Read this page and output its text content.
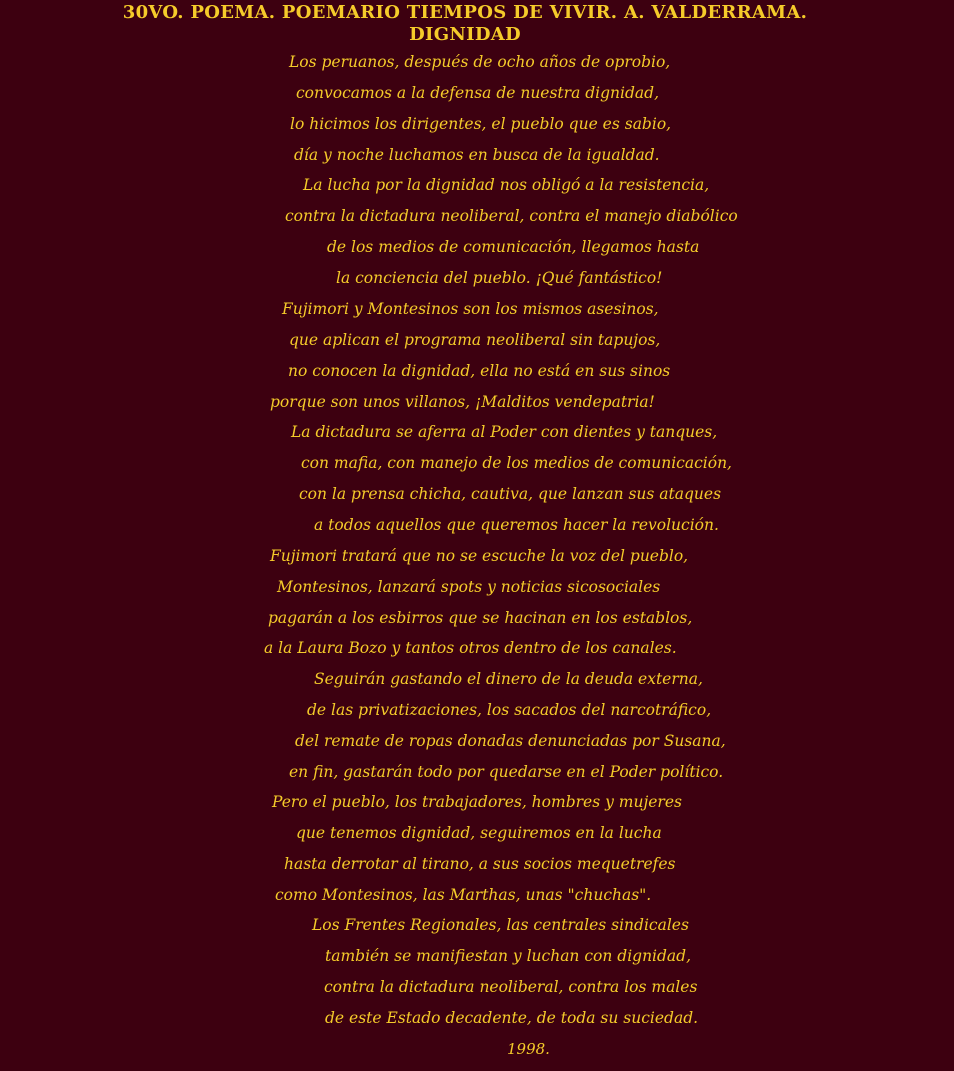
30VO. POEMA. POEMARIO TIEMPOS DE VIVIR. A. VALDERRAMA.
DIGNIDAD
Los peruanos, después de ocho años de oprobio,
convocamos a la defensa de nuestra dignidad,
lo hicimos los dirigentes, el pueblo que es sabio,
día y noche luchamos en busca de la igualdad.
La lucha por la dignidad nos obligó a la resistencia,
contra la dictadura neoliberal, contra el manejo diabólico
de los medios de comunicación, llegamos hasta
la conciencia del pueblo. ¡Qué fantástico!
Fujimori y Montesinos son los mismos asesinos,
que aplican el programa neoliberal sin tapujos,
no conocen la dignidad, ella no está en sus sinos
porque son unos villanos, ¡Malditos vendepatria!
La dictadura se aferra al Poder con dientes y tanques,
con mafia, con manejo de los medios de comunicación,
con la prensa chicha, cautiva, que lanzan sus ataques
a todos aquellos que queremos hacer la revolución.
Fujimori tratará que no se escuche la voz del pueblo,
Montesinos, lanzará spots y noticias sicosociales
pagarán a los esbirros que se hacinan en los establos,
a la Laura Bozo y tantos otros dentro de los canales.
Seguirán gastando el dinero de la deuda externa,
de las privatizaciones, los sacados del narcotráfico,
del remate de ropas donadas denunciadas por Susana,
en fin, gastarán todo por quedarse en el Poder político.
Pero el pueblo, los trabajadores, hombres y mujeres
que tenemos dignidad, seguiremos en la lucha
hasta derrotar al tirano, a sus socios mequetrefes
como Montesinos, las Marthas, unas "chuchas".
Los Frentes Regionales, las centrales sindicales
también se manifiestan y luchan con dignidad,
contra la dictadura neoliberal, contra los males
de este Estado decadente, de toda su suciedad.
1998.
